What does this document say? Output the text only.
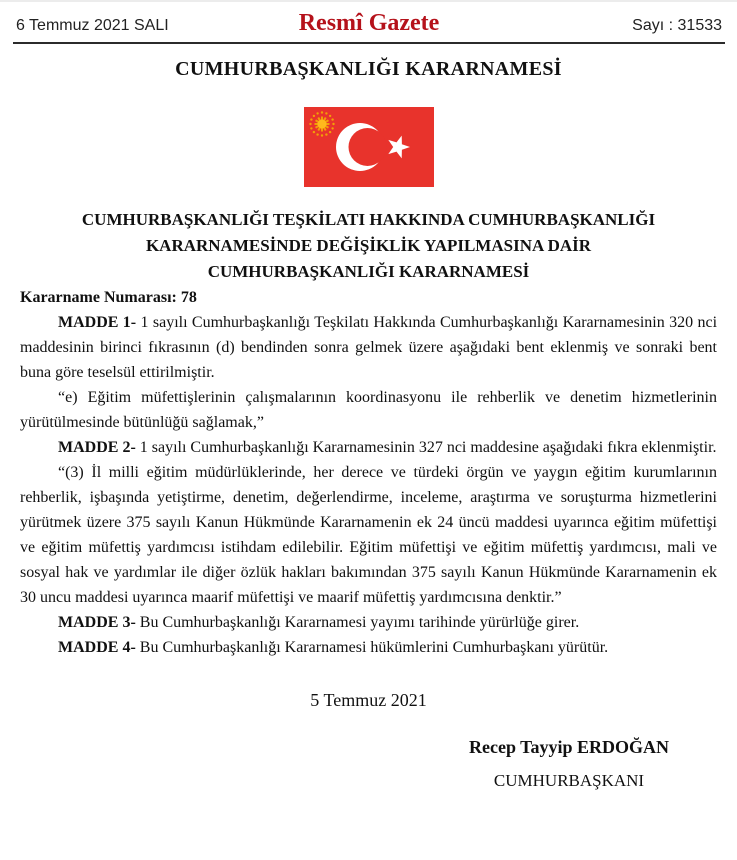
6 Temmuz 2021 SALI	Resmî Gazete	Sayı : 31533
CUMHURBAŞKANLIĞI KARARNAMESİ
CUMHURBAŞKANLIĞI TEŞKİLATI HAKKINDA CUMHURBAŞKANLIĞI
KARARNAMESİNDE DEĞİŞİKLİK YAPILMASINA DAİR
CUMHURBAŞKANLIĞI KARARNAMESİ
Kararname Numarası: 78

MADDE 1- 1 sayılı Cumhurbaşkanlığı Teşkilatı Hakkında Cumhurbaşkanlığı Kararnamesinin 320 nci maddesinin birinci fıkrasının (d) bendinden sonra gelmek üzere aşağıdaki bent eklenmiş ve sonraki bent buna göre teselsül ettirilmiştir.

“e) Eğitim müfettişlerinin çalışmalarının koordinasyonu ile rehberlik ve denetim hizmetlerinin yürütülmesinde bütünlüğü sağlamak,”

MADDE 2- 1 sayılı Cumhurbaşkanlığı Kararnamesinin 327 nci maddesine aşağıdaki fıkra eklenmiştir.

“(3) İl milli eğitim müdürlüklerinde, her derece ve türdeki örgün ve yaygın eğitim kurumlarının rehberlik, işbaşında yetiştirme, denetim, değerlendirme, inceleme, araştırma ve soruşturma hizmetlerini yürütmek üzere 375 sayılı Kanun Hükmünde Kararnamenin ek 24 üncü maddesi uyarınca eğitim müfettişi ve eğitim müfettiş yardımcısı istihdam edilebilir. Eğitim müfettişi ve eğitim müfettiş yardımcısı, mali ve sosyal hak ve yardımlar ile diğer özlük hakları bakımından 375 sayılı Kanun Hükmünde Kararnamenin ek 30 uncu maddesi uyarınca maarif müfettişi ve maarif müfettiş yardımcısına denktir.”

MADDE 3- Bu Cumhurbaşkanlığı Kararnamesi yayımı tarihinde yürürlüğe girer.

MADDE 4- Bu Cumhurbaşkanlığı Kararnamesi hükümlerini Cumhurbaşkanı yürütür.

5 Temmuz 2021
Recep Tayyip ERDOĞAN
CUMHURBAŞKANI
